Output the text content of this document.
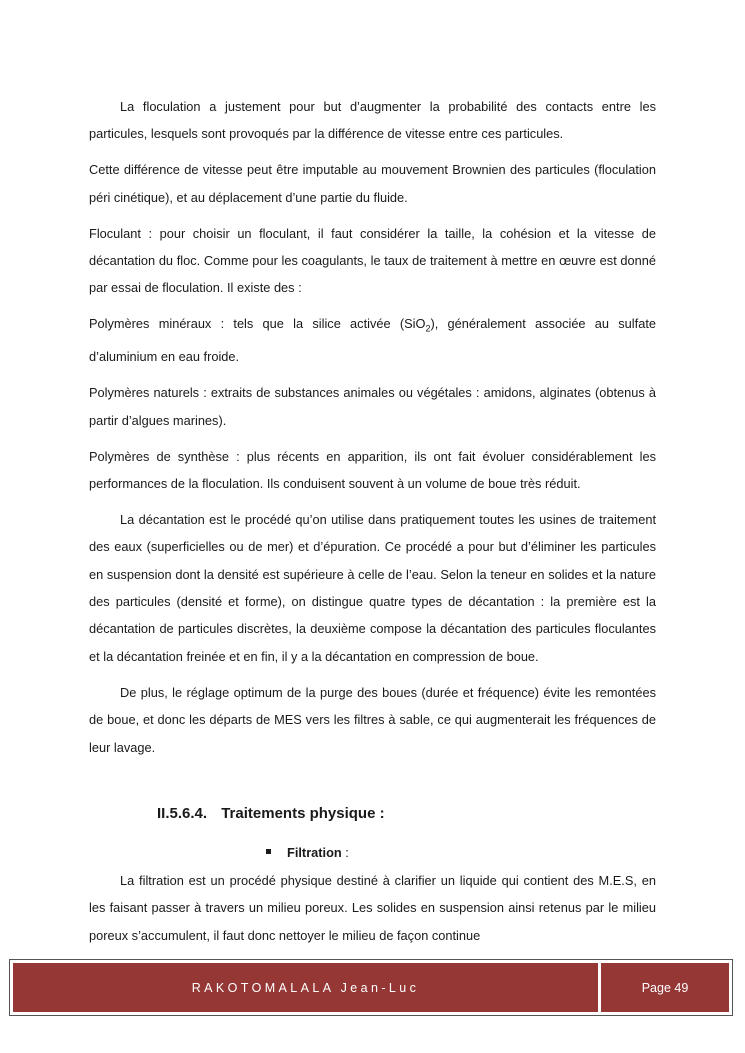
La floculation a justement pour but d’augmenter la probabilité des contacts entre les particules, lesquels sont provoqués par la différence de vitesse entre ces particules.

Cette différence de vitesse peut être imputable au mouvement Brownien des particules (floculation péri cinétique), et au déplacement d’une partie du fluide.

Floculant : pour choisir un floculant, il faut considérer la taille, la cohésion et la vitesse de décantation du floc. Comme pour les coagulants, le taux de traitement à mettre en œuvre est donné par essai de floculation. Il existe des :

Polymères minéraux : tels que la silice activée (SiO$_2$), généralement associée au sulfate d’aluminium en eau froide.

Polymères naturels : extraits de substances animales ou végétales : amidons, alginates (obtenus à partir d’algues marines).

Polymères de synthèse : plus récents en apparition, ils ont fait évoluer considérablement les performances de la floculation. Ils conduisent souvent à un volume de boue très réduit.

La décantation est le procédé qu’on utilise dans pratiquement toutes les usines de traitement des eaux (superficielles ou de mer) et d’épuration. Ce procédé a pour but d’éliminer les particules en suspension dont la densité est supérieure à celle de l’eau. Selon la teneur en solides et la nature des particules (densité et forme), on distingue quatre types de décantation : la première est la décantation de particules discrètes, la deuxième compose la décantation des particules floculantes et la décantation freinée et en fin, il y a la décantation en compression de boue.

De plus, le réglage optimum de la purge des boues (durée et fréquence) évite les remontées de boue, et donc les départs de MES vers les filtres à sable, ce qui augmenterait les fréquences de leur lavage.

II.5.6.4. Traitements physique :
Filtration :

La filtration est un procédé physique destiné à clarifier un liquide qui contient des M.E.S, en les faisant passer à travers un milieu poreux. Les solides en suspension ainsi retenus par le milieu poreux s’accumulent, il faut donc nettoyer le milieu de façon continue

RAKOTOMALALA Jean-Luc	Page 49
